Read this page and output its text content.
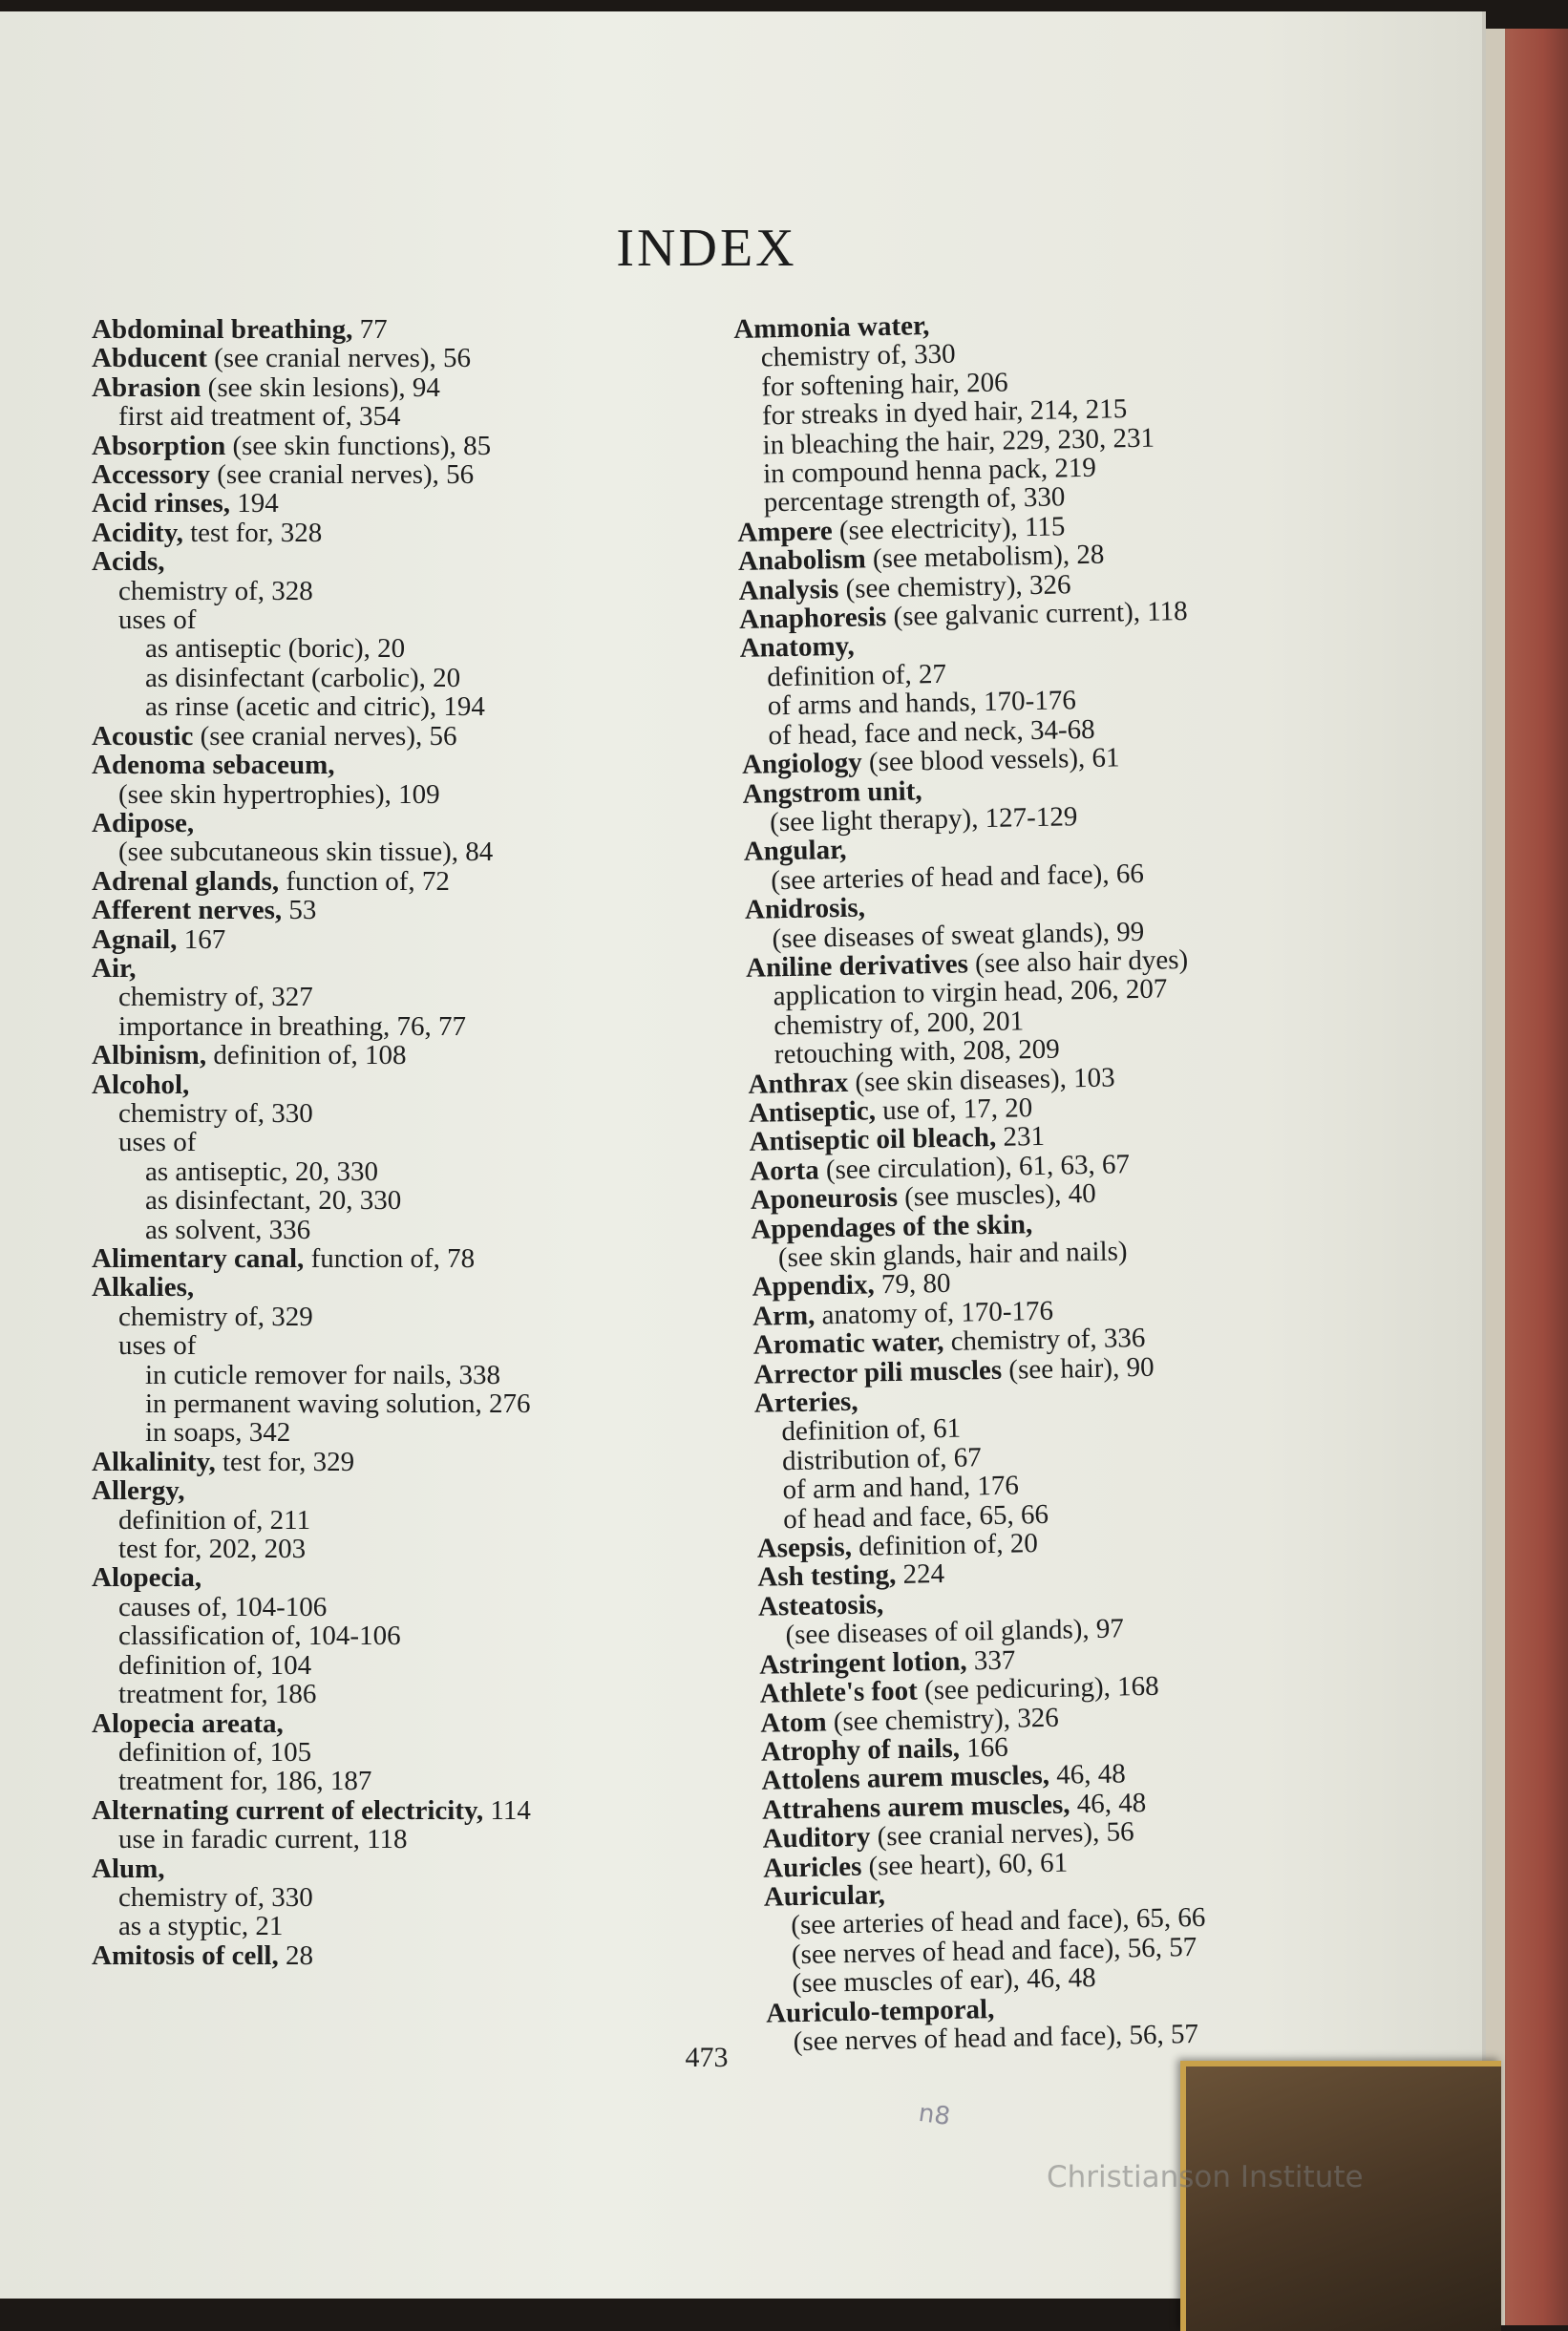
INDEX
Abdominal breathing, 77
Abducent (see cranial nerves), 56
Abrasion (see skin lesions), 94
first aid treatment of, 354
Absorption (see skin functions), 85
Accessory (see cranial nerves), 56
Acid rinses, 194
Acidity, test for, 328
Acids,
chemistry of, 328
uses of
as antiseptic (boric), 20
as disinfectant (carbolic), 20
as rinse (acetic and citric), 194
Acoustic (see cranial nerves), 56
Adenoma sebaceum,
(see skin hypertrophies), 109
Adipose,
(see subcutaneous skin tissue), 84
Adrenal glands, function of, 72
Afferent nerves, 53
Agnail, 167
Air,
chemistry of, 327
importance in breathing, 76, 77
Albinism, definition of, 108
Alcohol,
chemistry of, 330
uses of
as antiseptic, 20, 330
as disinfectant, 20, 330
as solvent, 336
Alimentary canal, function of, 78
Alkalies,
chemistry of, 329
uses of
in cuticle remover for nails, 338
in permanent waving solution, 276
in soaps, 342
Alkalinity, test for, 329
Allergy,
definition of, 211
test for, 202, 203
Alopecia,
causes of, 104-106
classification of, 104-106
definition of, 104
treatment for, 186
Alopecia areata,
definition of, 105
treatment for, 186, 187
Alternating current of electricity, 114
use in faradic current, 118
Alum,
chemistry of, 330
as a styptic, 21
Amitosis of cell, 28
Ammonia water,
chemistry of, 330
for softening hair, 206
for streaks in dyed hair, 214, 215
in bleaching the hair, 229, 230, 231
in compound henna pack, 219
percentage strength of, 330
Ampere (see electricity), 115
Anabolism (see metabolism), 28
Analysis (see chemistry), 326
Anaphoresis (see galvanic current), 118
Anatomy,
definition of, 27
of arms and hands, 170-176
of head, face and neck, 34-68
Angiology (see blood vessels), 61
Angstrom unit,
(see light therapy), 127-129
Angular,
(see arteries of head and face), 66
Anidrosis,
(see diseases of sweat glands), 99
Aniline derivatives (see also hair dyes)
application to virgin head, 206, 207
chemistry of, 200, 201
retouching with, 208, 209
Anthrax (see skin diseases), 103
Antiseptic, use of, 17, 20
Antiseptic oil bleach, 231
Aorta (see circulation), 61, 63, 67
Aponeurosis (see muscles), 40
Appendages of the skin,
(see skin glands, hair and nails)
Appendix, 79, 80
Arm, anatomy of, 170-176
Aromatic water, chemistry of, 336
Arrector pili muscles (see hair), 90
Arteries,
definition of, 61
distribution of, 67
of arm and hand, 176
of head and face, 65, 66
Asepsis, definition of, 20
Ash testing, 224
Asteatosis,
(see diseases of oil glands), 97
Astringent lotion, 337
Athlete's foot (see pedicuring), 168
Atom (see chemistry), 326
Atrophy of nails, 166
Attolens aurem muscles, 46, 48
Attrahens aurem muscles, 46, 48
Auditory (see cranial nerves), 56
Auricles (see heart), 60, 61
Auricular,
(see arteries of head and face), 65, 66
(see nerves of head and face), 56, 57
(see muscles of ear), 46, 48
Auriculo-temporal,
(see nerves of head and face), 56, 57
473
n8
Christianson Institute
